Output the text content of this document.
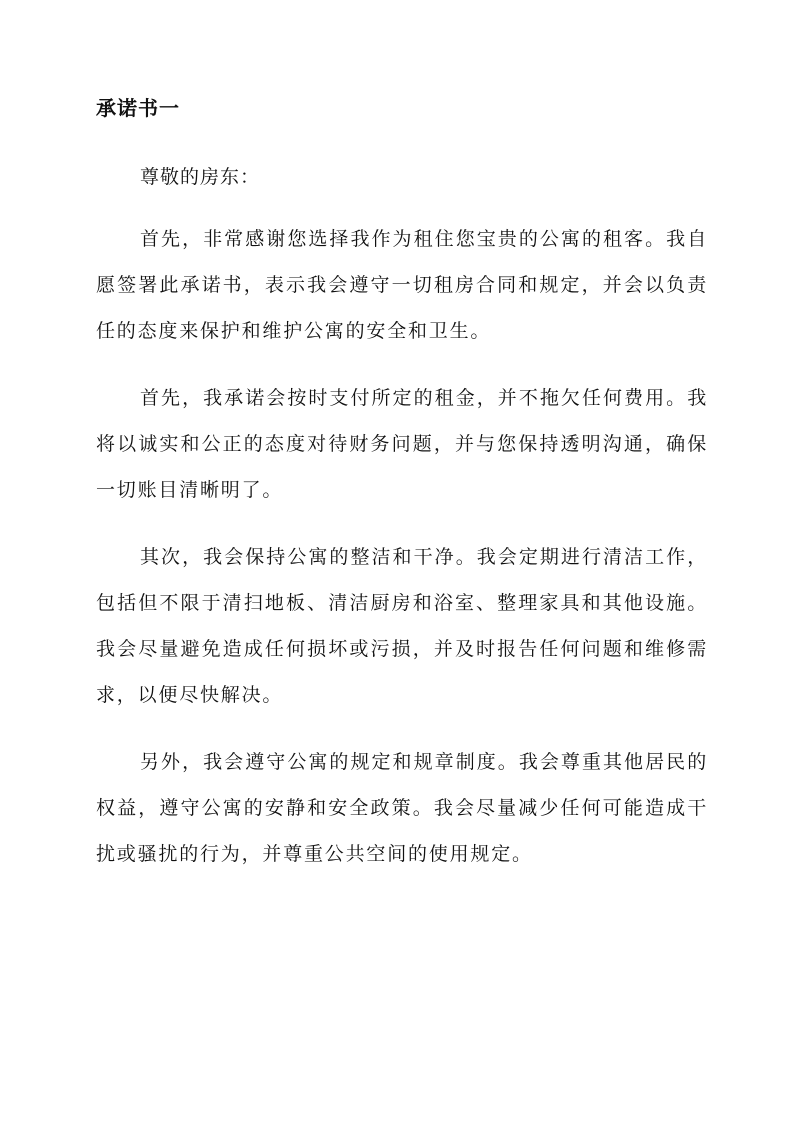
承诺书一

尊敬的房东：

首先，非常感谢您选择我作为租住您宝贵的公寓的租客。我自愿签署此承诺书，表示我会遵守一切租房合同和规定，并会以负责任的态度来保护和维护公寓的安全和卫生。

首先，我承诺会按时支付所定的租金，并不拖欠任何费用。我将以诚实和公正的态度对待财务问题，并与您保持透明沟通，确保一切账目清晰明了。

其次，我会保持公寓的整洁和干净。我会定期进行清洁工作，包括但不限于清扫地板、清洁厨房和浴室、整理家具和其他设施。我会尽量避免造成任何损坏或污损，并及时报告任何问题和维修需求，以便尽快解决。

另外，我会遵守公寓的规定和规章制度。我会尊重其他居民的权益，遵守公寓的安静和安全政策。我会尽量减少任何可能造成干扰或骚扰的行为，并尊重公共空间的使用规定。
